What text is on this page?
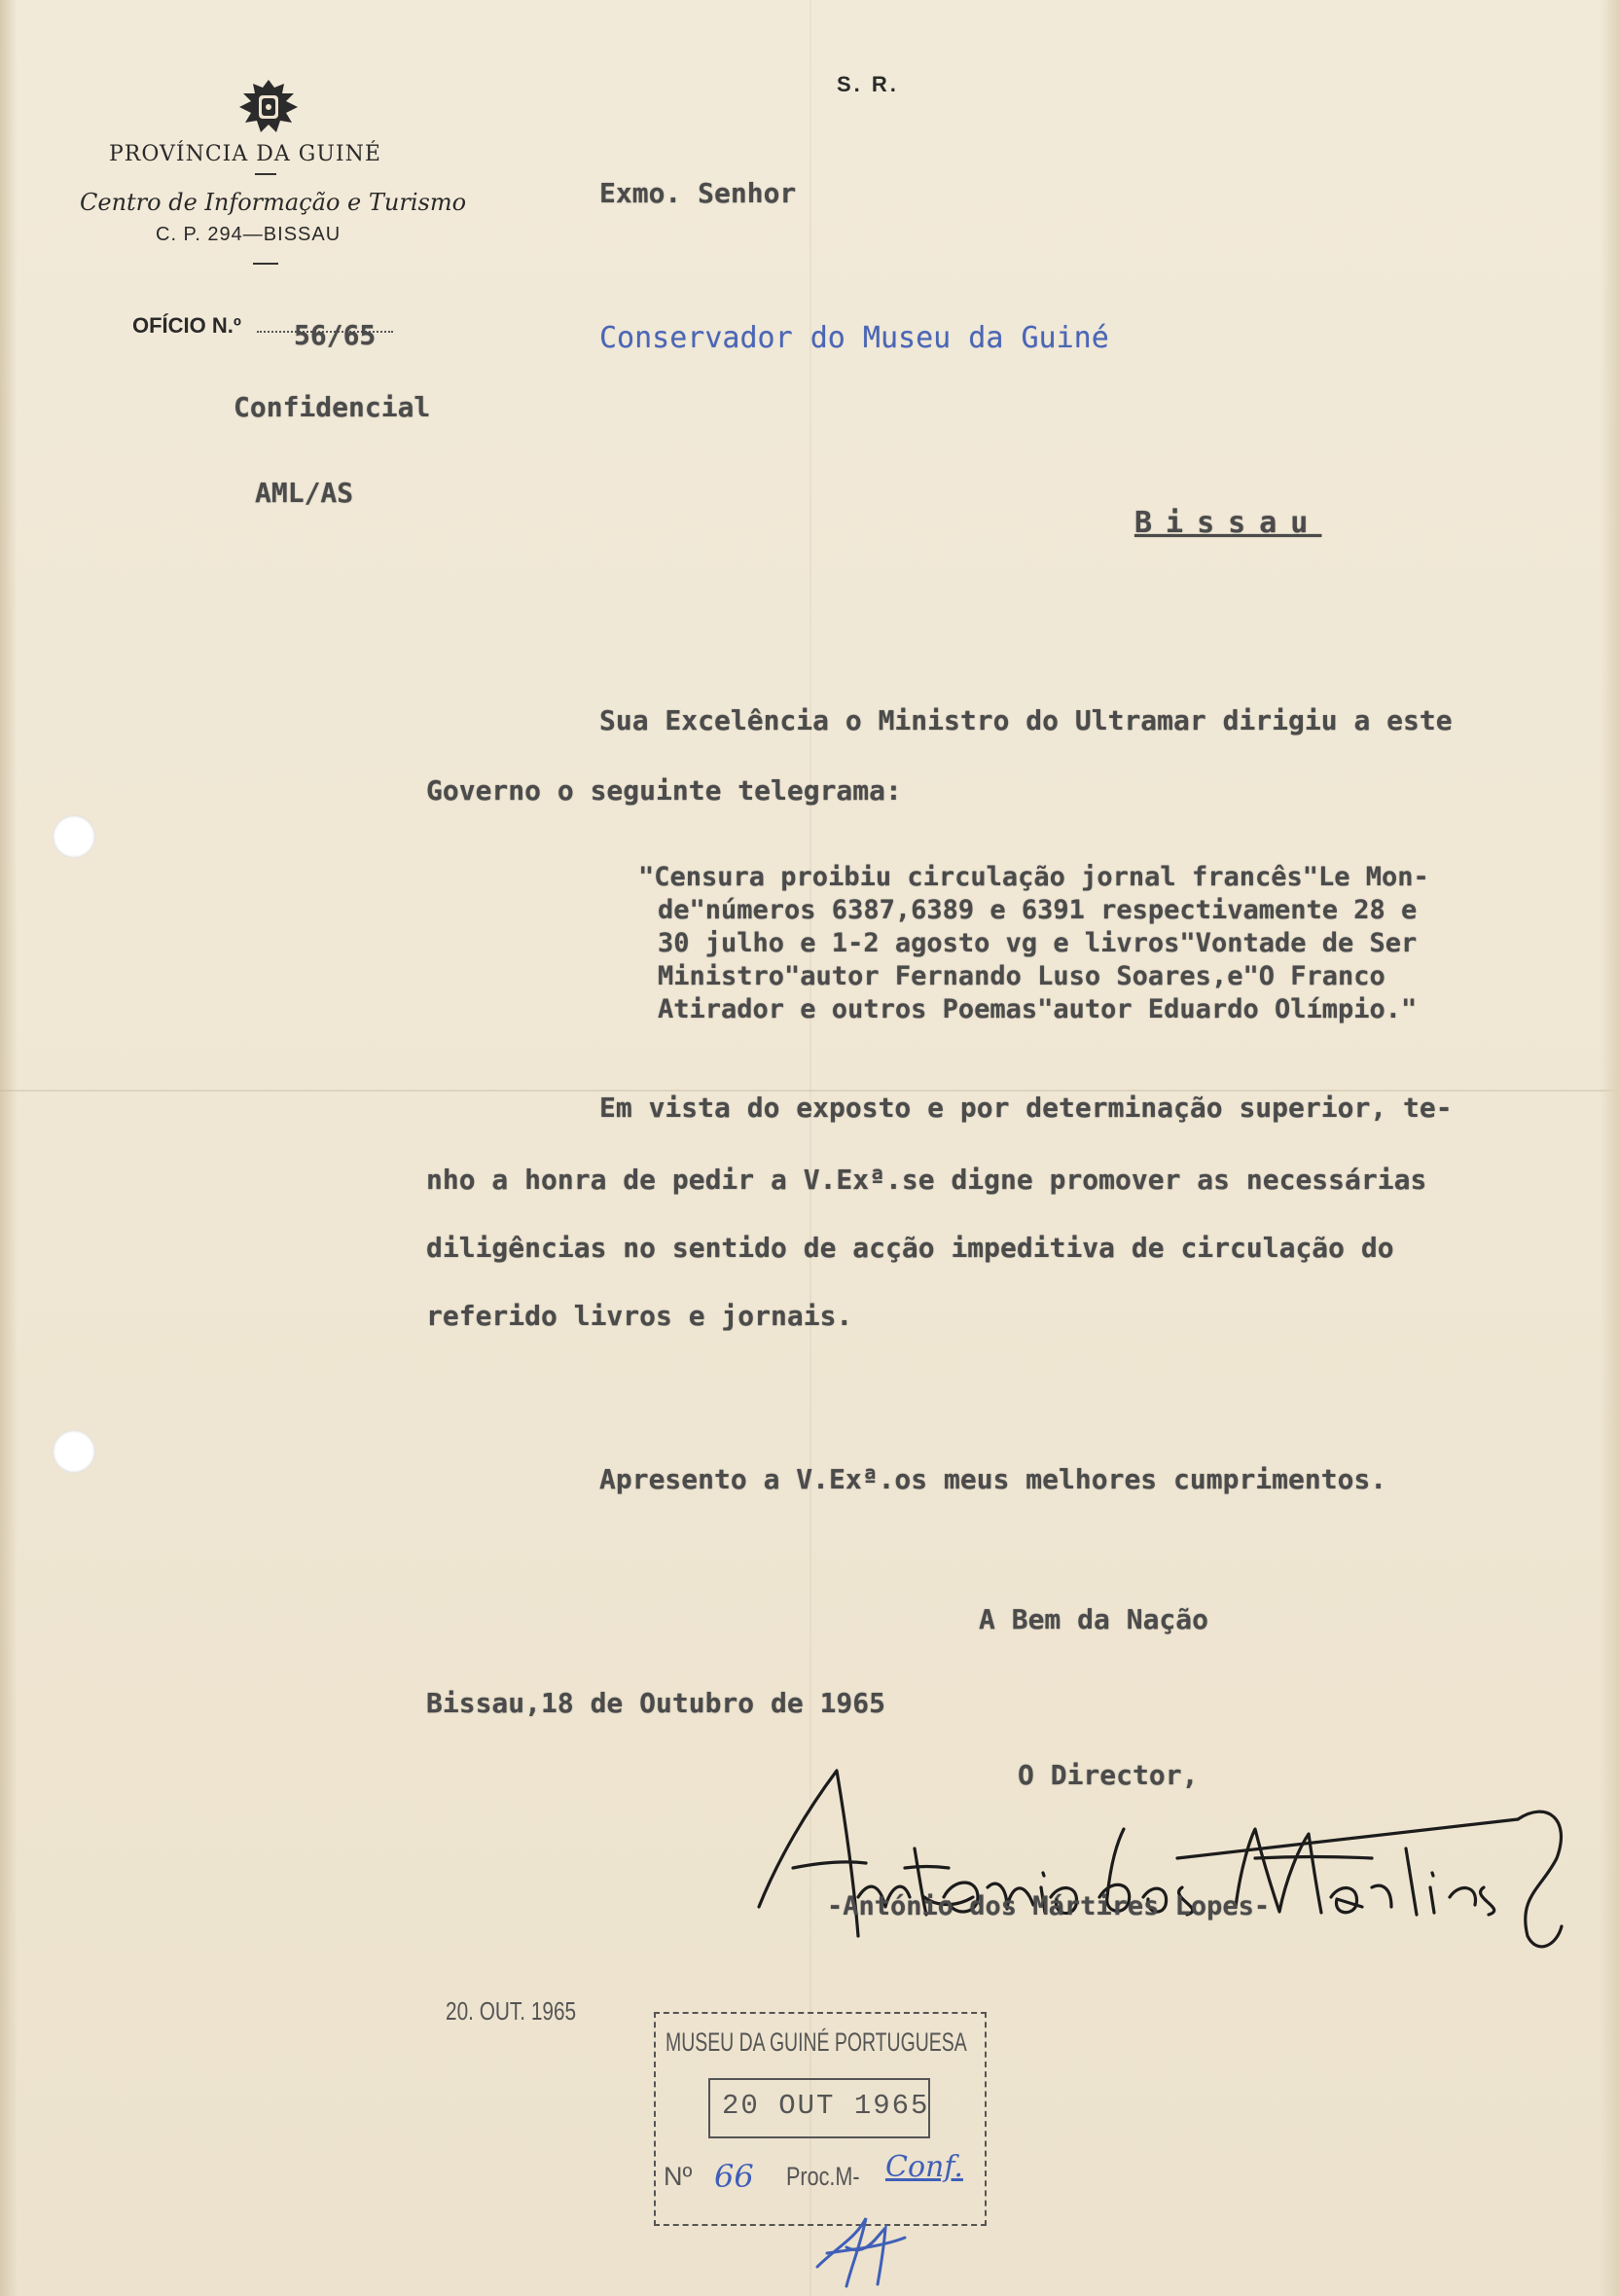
PROVÍNCIA DA GUINÉ
Centro de Informação e Turismo
C. P. 294—BISSAU
S. R.
OFÍCIO N.º 56/65
Confidencial
AML/AS
Exmo. Senhor
Conservador do Museu da Guiné
Bissau
Sua Excelência o Ministro do Ultramar dirigiu a este
Governo o seguinte telegrama:
"Censura proibiu circulação jornal francês"Le Mon-
de"números 6387,6389 e 6391 respectivamente 28 e
30 julho e 1-2 agosto vg e livros"Vontade de Ser
Ministro"autor Fernando Luso Soares,e"O Franco
Atirador e outros Poemas"autor Eduardo Olímpio."
Em vista do exposto e por determinação superior, te-
nho a honra de pedir a V.Exª.se digne promover as necessárias
diligências no sentido de acção impeditiva de circulação do
referido livros e jornais.
Apresento a V.Exª.os meus melhores cumprimentos.
A Bem da Nação
Bissau,18 de Outubro de 1965
O Director,
-António dos Mártires Lopes-
20. OUT. 1965
MUSEU DA GUINÉ PORTUGUESA
20 OUT 1965
Nº 66 Proc.M- Conf.
